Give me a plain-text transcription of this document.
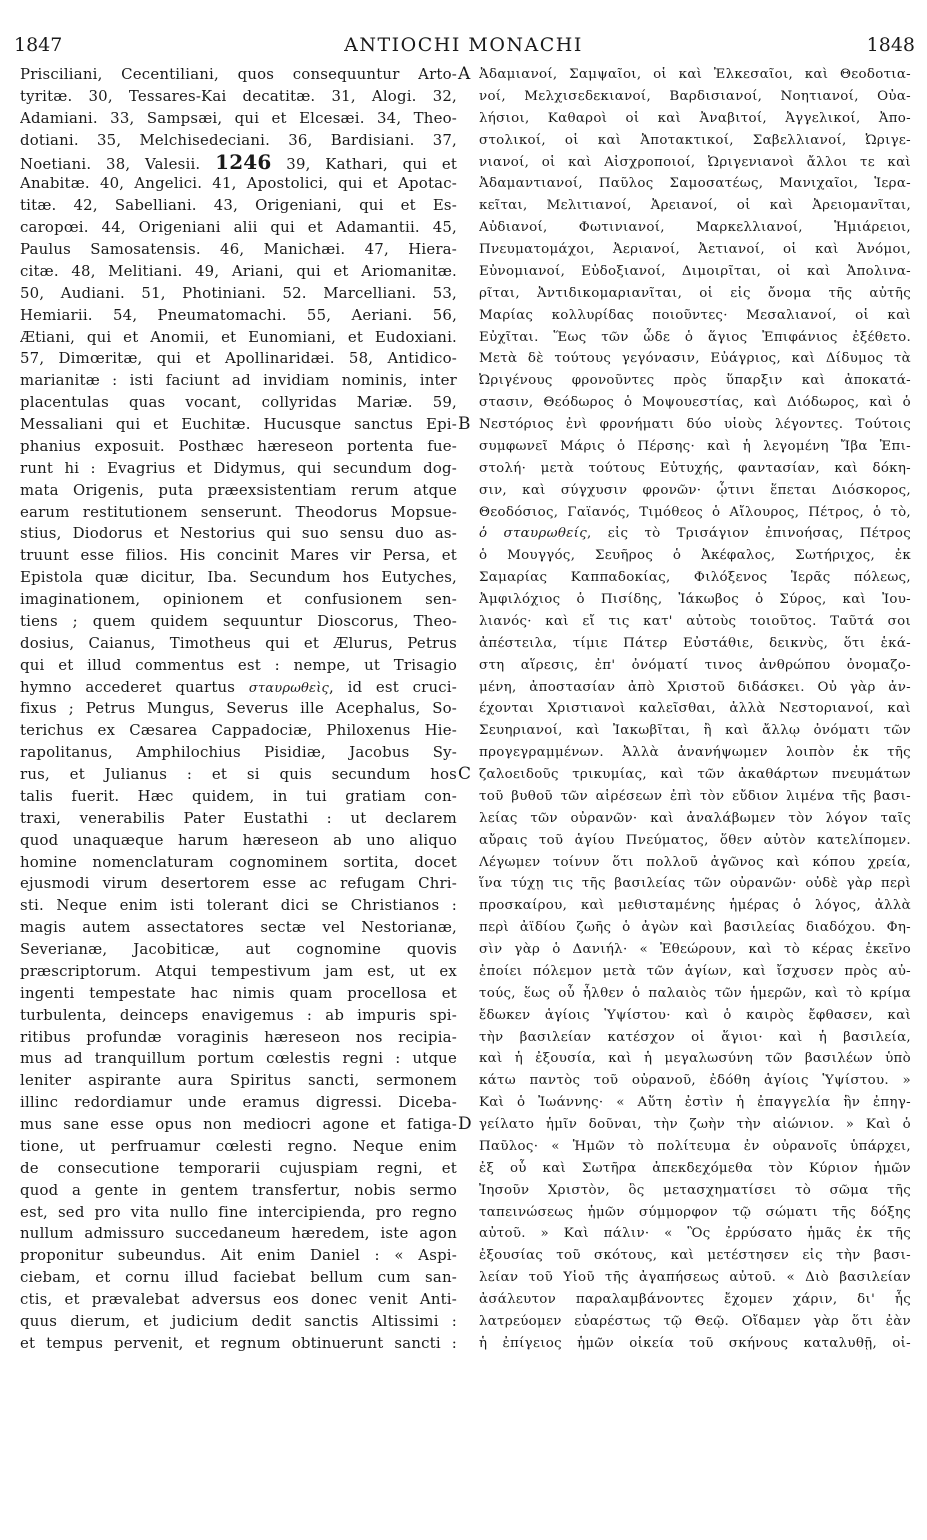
1847	ANTIOCHI MONACHI	1848
A
B
C
D
Prisciliani, Cecentiliani, quos consequuntur Arto-
tyritæ. 30, Tessares-Kai decatitæ. 31, Alogi. 32,
Adamiani. 33, Sampsæi, qui et Elcesæi. 34, Theo-
dotiani. 35, Melchisedeciani. 36, Bardisiani. 37,
Noetiani. 38, Valesii. 1246 39, Kathari, qui et
Anabitæ. 40, Angelici. 41, Apostolici, qui et Apotac-
titæ. 42, Sabelliani. 43, Origeniani, qui et Es-
caropœi. 44, Origeniani alii qui et Adamantii. 45,
Paulus Samosatensis. 46, Manichæi. 47, Hiera-
citæ. 48, Melitiani. 49, Ariani, qui et Ariomanitæ.
50, Audiani. 51, Photiniani. 52. Marcelliani. 53,
Hemiarii. 54, Pneumatomachi. 55, Aeriani. 56,
Ætiani, qui et Anomii, et Eunomiani, et Eudoxiani.
57, Dimœritæ, qui et Apollinaridæi. 58, Antidico-
marianitæ : isti faciunt ad invidiam nominis, inter
placentulas quas vocant, collyridas Mariæ. 59,
Messaliani qui et Euchitæ. Hucusque sanctus Epi-
phanius exposuit. Posthæc hæreseon portenta fue-
runt hi : Evagrius et Didymus, qui secundum dog-
mata Origenis, puta præexsistentiam rerum atque
earum restitutionem senserunt. Theodorus Mopsue-
stius, Diodorus et Nestorius qui suo sensu duo as-
truunt esse filios. His concinit Mares vir Persa, et
Epistola quæ dicitur, Iba. Secundum hos Eutyches,
imaginationem, opinionem et confusionem sen-
tiens ; quem quidem sequuntur Dioscorus, Theo-
dosius, Caianus, Timotheus qui et Ælurus, Petrus
qui et illud commentus est : nempe, ut Trisagio
hymno accederet quartus σταυρωθεὶς, id est cruci-
fixus ; Petrus Mungus, Severus ille Acephalus, So-
terichus ex Cæsarea Cappadociæ, Philoxenus Hie-
rapolitanus, Amphilochius Pisidiæ, Jacobus Sy-
rus, et Julianus : et si quis secundum hos
talis fuerit. Hæc quidem, in tui gratiam con-
traxi, venerabilis Pater Eustathi : ut declarem
quod unaquæque harum hæreseon ab uno aliquo
homine nomenclaturam cognominem sortita, docet
ejusmodi virum desertorem esse ac refugam Chri-
sti. Neque enim isti tolerant dici se Christianos :
magis autem assectatores sectæ vel Nestorianæ,
Severianæ, Jacobiticæ, aut cognomine quovis
præscriptorum. Atqui tempestivum jam est, ut ex
ingenti tempestate hac nimis quam procellosa et
turbulenta, deinceps enavigemus : ab impuris spi-
ritibus profundæ voraginis hæreseon nos recipia-
mus ad tranquillum portum cœlestis regni : utque
leniter aspirante aura Spiritus sancti, sermonem
illinc redordiamur unde eramus digressi. Diceba-
mus sane esse opus non mediocri agone et fatiga-
tione, ut perfruamur cœlesti regno. Neque enim
de consecutione temporarii cujuspiam regni, et
quod a gente in gentem transfertur, nobis sermo
est, sed pro vita nullo fine intercipienda, pro regno
nullum admissuro succedaneum hæredem, iste agon
proponitur subeundus. Ait enim Daniel : « Aspi-
ciebam, et cornu illud faciebat bellum cum san-
ctis, et prævalebat adversus eos donec venit Anti-
quus dierum, et judicium dedit sanctis Altissimi :
et tempus pervenit, et regnum obtinuerunt sancti :
Ἀδαμιανοί, Σαμψαῖοι, οἱ καὶ Ἐλκεσαῖοι, καὶ Θεοδοτια-
νοί, Μελχισεδεκιανοί, Βαρδισιανοί, Νοητιανοί, Οὐα-
λήσιοι, Καθαροὶ οἱ καὶ Ἀναβιτοί, Ἀγγελικοί, Ἀπο-
στολικοί, οἱ καὶ Ἀποτακτικοί, Σαβελλιανοί, Ὠριγε-
νιανοί, οἱ καὶ Αἰσχροποιοί, Ὠριγενιανοὶ ἄλλοι τε καὶ
Ἀδαμαντιανοί, Παῦλος Σαμοσατέως, Μανιχαῖοι, Ἱερα-
κεῖται, Μελιτιανοί, Ἀρειανοί, οἱ καὶ Ἀρειομανῖται,
Αὐδιανοί, Φωτινιανοί, Μαρκελλιανοί, Ἡμιάρειοι,
Πνευματομάχοι, Ἀεριανοί, Ἀετιανοί, οἱ καὶ Ἀνόμοι,
Εὐνομιανοί, Εὐδοξιανοί, Διμοιρῖται, οἱ καὶ Ἀπολινα-
ρῖται, Ἀντιδικομαριανῖται, οἱ εἰς ὄνομα τῆς αὐτῆς
Μαρίας κολλυρίδας ποιοῦντες· Μεσαλιανοί, οἱ καὶ
Εὐχῖται. Ἕως τῶν ὧδε ὁ ἅγιος Ἐπιφάνιος ἐξέθετο.
Μετὰ δὲ τούτους γεγόνασιν, Εὐάγριος, καὶ Δίδυμος τὰ
Ὠριγένους φρονοῦντες πρὸς ὕπαρξιν καὶ ἀποκατά-
στασιν, Θεόδωρος ὁ Μοψουεστίας, καὶ Διόδωρος, καὶ ὁ
Νεστόριος ἐνὶ φρονήματι δύο υἱοὺς λέγοντες. Τούτοις
συμφωνεῖ Μάρις ὁ Πέρσης· καὶ ἡ λεγομένη Ἴβα Ἐπι-
στολή· μετὰ τούτους Εὐτυχής, φαντασίαν, καὶ δόκη-
σιν, καὶ σύγχυσιν φρονῶν· ᾧτινι ἕπεται Διόσκορος,
Θεοδόσιος, Γαϊανός, Τιμόθεος ὁ Αἴλουρος, Πέτρος, ὁ τὸ,
ὁ σταυρωθείς, εἰς τὸ Τρισάγιον ἐπινοήσας, Πέτρος
ὁ Μουγγός, Σευῆρος ὁ Ἀκέφαλος, Σωτήριχος, ἐκ
Σαμαρίας Καππαδοκίας, Φιλόξενος Ἱερᾶς πόλεως,
Ἀμφιλόχιος ὁ Πισίδης, Ἰάκωβος ὁ Σύρος, καὶ Ἰου-
λιανός· καὶ εἴ τις κατ' αὐτοὺς τοιοῦτος. Ταῦτά σοι
ἀπέστειλα, τίμιε Πάτερ Εὐστάθιε, δεικνὺς, ὅτι ἑκά-
στη αἵρεσις, ἐπ' ὀνόματί τινος ἀνθρώπου ὀνομαζο-
μένη, ἀποστασίαν ἀπὸ Χριστοῦ διδάσκει. Οὐ γὰρ ἀν-
έχονται Χριστιανοὶ καλεῖσθαι, ἀλλὰ Νεστοριανοί, καὶ
Σευηριανοί, καὶ Ἰακωβῖται, ἢ καὶ ἄλλῳ ὀνόματι τῶν
προγεγραμμένων. Ἀλλὰ ἀνανήψωμεν λοιπὸν ἐκ τῆς
ζαλοειδοῦς τρικυμίας, καὶ τῶν ἀκαθάρτων πνευμάτων
τοῦ βυθοῦ τῶν αἱρέσεων ἐπὶ τὸν εὔδιον λιμένα τῆς βασι-
λείας τῶν οὐρανῶν· καὶ ἀναλάβωμεν τὸν λόγον ταῖς
αὔραις τοῦ ἁγίου Πνεύματος, ὅθεν αὐτὸν κατελίπομεν.
Λέγωμεν τοίνυν ὅτι πολλοῦ ἀγῶνος καὶ κόπου χρεία,
ἵνα τύχῃ τις τῆς βασιλείας τῶν οὐρανῶν· οὐδὲ γὰρ περὶ
προσκαίρου, καὶ μεθισταμένης ἡμέρας ὁ λόγος, ἀλλὰ
περὶ ἀϊδίου ζωῆς ὁ ἀγὼν καὶ βασιλείας διαδόχου. Φη-
σὶν γὰρ ὁ Δανιήλ· « Ἐθεώρουν, καὶ τὸ κέρας ἐκεῖνο
ἐποίει πόλεμον μετὰ τῶν ἁγίων, καὶ ἴσχυσεν πρὸς αὐ-
τούς, ἕως οὗ ἦλθεν ὁ παλαιὸς τῶν ἡμερῶν, καὶ τὸ κρίμα
ἔδωκεν ἁγίοις Ὑψίστου· καὶ ὁ καιρὸς ἔφθασεν, καὶ
τὴν βασιλείαν κατέσχον οἱ ἅγιοι· καὶ ἡ βασιλεία,
καὶ ἡ ἐξουσία, καὶ ἡ μεγαλωσύνη τῶν βασιλέων ὑπὸ
κάτω παντὸς τοῦ οὐρανοῦ, ἐδόθη ἁγίοις Ὑψίστου. »
Καὶ ὁ Ἰωάννης· « Αὕτη ἐστὶν ἡ ἐπαγγελία ἣν ἐπηγ-
γείλατο ἡμῖν δοῦναι, τὴν ζωὴν τὴν αἰώνιον. » Καὶ ὁ
Παῦλος· « Ἡμῶν τὸ πολίτευμα ἐν οὐρανοῖς ὑπάρχει,
ἐξ οὗ καὶ Σωτῆρα ἀπεκδεχόμεθα τὸν Κύριον ἡμῶν
Ἰησοῦν Χριστὸν, ὃς μετασχηματίσει τὸ σῶμα τῆς
ταπεινώσεως ἡμῶν σύμμορφον τῷ σώματι τῆς δόξης
αὐτοῦ. » Καὶ πάλιν· « Ὃς ἐρρύσατο ἡμᾶς ἐκ τῆς
ἐξουσίας τοῦ σκότους, καὶ μετέστησεν εἰς τὴν βασι-
λείαν τοῦ Υἱοῦ τῆς ἀγαπήσεως αὐτοῦ. « Διὸ βασιλείαν
ἀσάλευτον παραλαμβάνοντες ἔχομεν χάριν, δι' ἧς
λατρεύομεν εὐαρέστως τῷ Θεῷ. Οἴδαμεν γὰρ ὅτι ἐὰν
ἡ ἐπίγειος ἡμῶν οἰκεία τοῦ σκήνους καταλυθῇ, οἰ-
